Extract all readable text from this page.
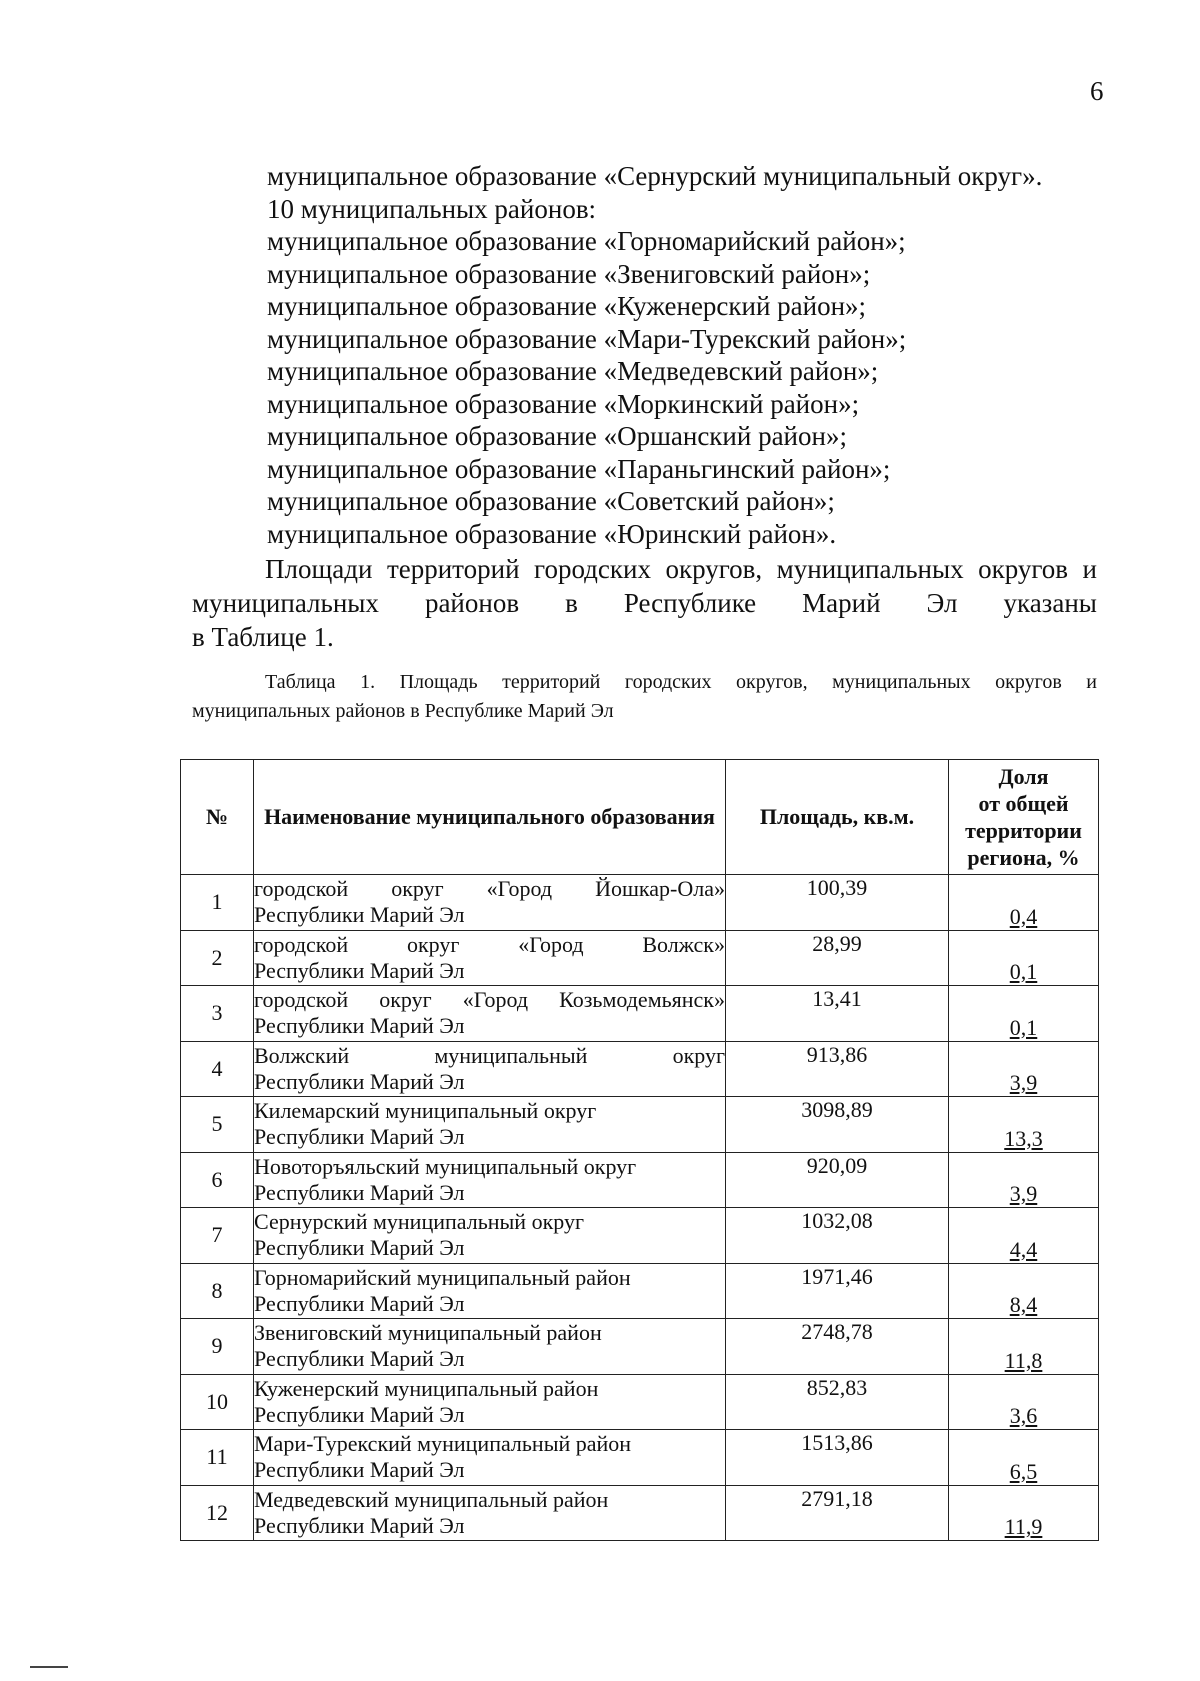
6
муниципальное образование «Сернурский муниципальный округ».
10 муниципальных районов:
муниципальное образование «Горномарийский район»;
муниципальное образование «Звениговский район»;
муниципальное образование «Куженерский район»;
муниципальное образование «Мари-Турекский район»;
муниципальное образование «Медведевский район»;
муниципальное образование «Моркинский район»;
муниципальное образование «Оршанский район»;
муниципальное образование «Параньгинский район»;
муниципальное образование «Советский район»;
муниципальное образование «Юринский район».
Площади территорий городских округов, муниципальных округов и
муниципальных районов в Республике Марий Эл указаны
в Таблице 1.
Таблица 1. Площадь территорий городских округов, муниципальных округов и
муниципальных районов в Республике Марий Эл
№	Наименование муниципального образования	Площадь, кв.м.	Доля
от общей
территории
региона, %

1	городской округ «Город Йошкар-Ола»
Республики Марий Эл	100,39	0,4
2	городской округ «Город Волжск»
Республики Марий Эл	28,99	0,1
3	городской округ «Город Козьмодемьянск»
Республики Марий Эл	13,41	0,1
4	Волжский муниципальный округ
Республики Марий Эл	913,86	3,9
5	Килемарский муниципальный округ
Республики Марий Эл	3098,89	13,3
6	Новоторъяльский муниципальный округ
Республики Марий Эл	920,09	3,9
7	Сернурский муниципальный округ
Республики Марий Эл	1032,08	4,4
8	Горномарийский муниципальный район
Республики Марий Эл	1971,46	8,4
9	Звениговский муниципальный район
Республики Марий Эл	2748,78	11,8
10	Куженерский муниципальный район
Республики Марий Эл	852,83	3,6
11	Мари-Турекский муниципальный район
Республики Марий Эл	1513,86	6,5
12	Медведевский муниципальный район
Республики Марий Эл	2791,18	11,9
